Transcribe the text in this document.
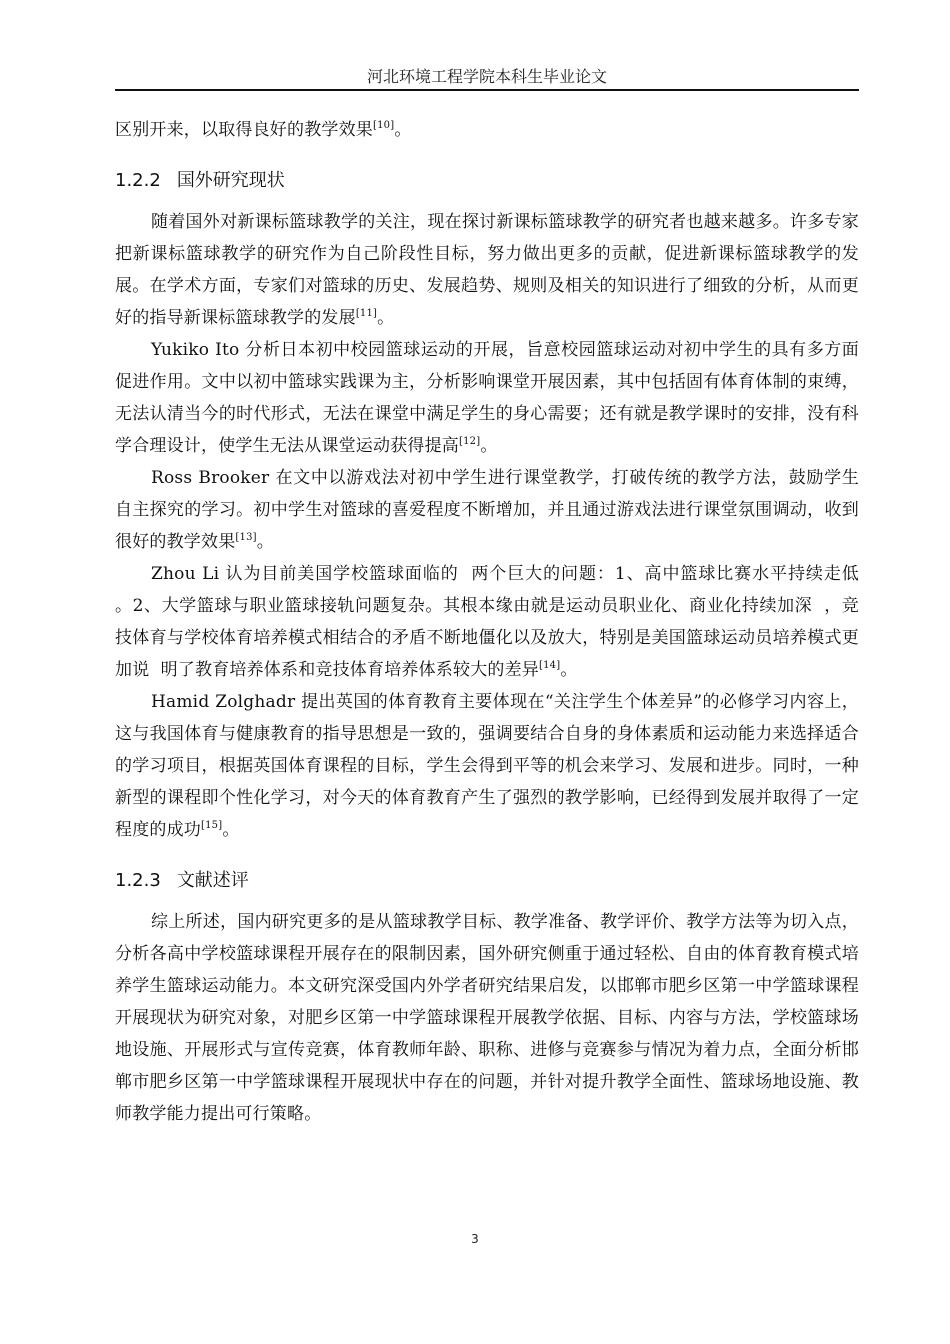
河北环境工程学院本科生毕业论文

区别开来，以取得良好的教学效果[10]。

1.2.2 国外研究现状

随着国外对新课标篮球教学的关注，现在探讨新课标篮球教学的研究者也越来越多。许多专家把新课标篮球教学的研究作为自己阶段性目标，努力做出更多的贡献，促进新课标篮球教学的发展。在学术方面，专家们对篮球的历史、发展趋势、规则及相关的知识进行了细致的分析，从而更好的指导新课标篮球教学的发展[11]。

Yukiko Ito 分析日本初中校园篮球运动的开展，旨意校园篮球运动对初中学生的具有多方面促进作用。文中以初中篮球实践课为主，分析影响课堂开展因素，其中包括固有体育体制的束缚，无法认清当今的时代形式，无法在课堂中满足学生的身心需要；还有就是教学课时的安排，没有科学合理设计，使学生无法从课堂运动获得提高[12]。

Ross Brooker 在文中以游戏法对初中学生进行课堂教学，打破传统的教学方法，鼓励学生自主探究的学习。初中学生对篮球的喜爱程度不断增加，并且通过游戏法进行课堂氛围调动，收到很好的教学效果[13]。

Zhou Li 认为目前美国学校篮球面临的  两个巨大的问题：1、高中篮球比赛水平持续走低  。2、大学篮球与职业篮球接轨问题复杂。其根本缘由就是运动员职业化、商业化持续加深  ，竞技体育与学校体育培养模式相结合的矛盾不断地僵化以及放大，特别是美国篮球运动员培养模式更加说  明了教育培养体系和竞技体育培养体系较大的差异[14]。

Hamid Zolghadr 提出英国的体育教育主要体现在“关注学生个体差异”的必修学习内容上，这与我国体育与健康教育的指导思想是一致的，强调要结合自身的身体素质和运动能力来选择适合的学习项目，根据英国体育课程的目标，学生会得到平等的机会来学习、发展和进步。同时，一种新型的课程即个性化学习，对今天的体育教育产生了强烈的教学影响，已经得到发展并取得了一定程度的成功[15]。

1.2.3 文献述评

综上所述，国内研究更多的是从篮球教学目标、教学准备、教学评价、教学方法等为切入点，分析各高中学校篮球课程开展存在的限制因素，国外研究侧重于通过轻松、自由的体育教育模式培养学生篮球运动能力。本文研究深受国内外学者研究结果启发，以邯郸市肥乡区第一中学篮球课程开展现状为研究对象，对肥乡区第一中学篮球课程开展教学依据、目标、内容与方法，学校篮球场地设施、开展形式与宣传竞赛，体育教师年龄、职称、进修与竞赛参与情况为着力点，全面分析邯郸市肥乡区第一中学篮球课程开展现状中存在的问题，并针对提升教学全面性、篮球场地设施、教师教学能力提出可行策略。

3
